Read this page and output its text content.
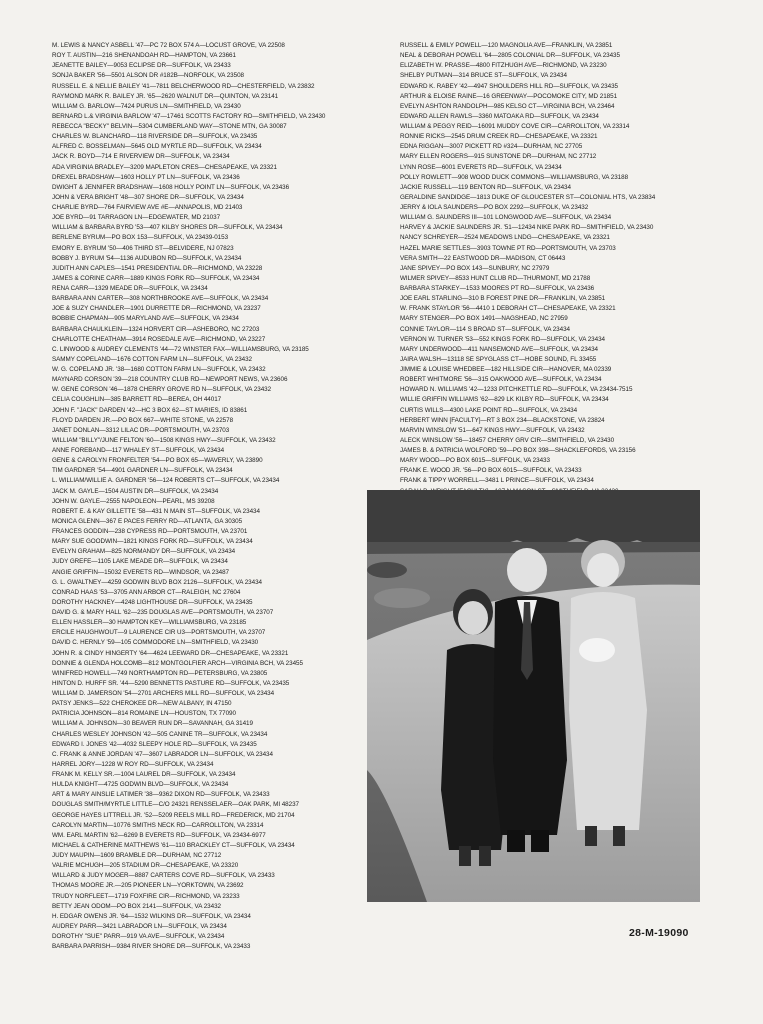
M. LEWIS & NANCY ASBELL '47—PC 72 BOX 574 A—LOCUST GROVE, VA 22508
ROY T. AUSTIN—216 SHENANDOAH RD—HAMPTON, VA 23661
JEANETTE BAILEY—9053 ECLIPSE DR—SUFFOLK, VA 23433
SONJA BAKER '56—5501 ALSON DR #182B—NORFOLK, VA 23508
RUSSELL E. & NELLIE BAILEY '41—7811 BELCHERWOOD RD—CHESTERFIELD, VA 23832
RAYMOND MARK R. BAILEY JR. '65—2620 WALNUT DR—QUINTON, VA 23141
WILLIAM G. BARLOW—7424 PURUS LN—SMITHFIELD, VA 23430
BERNARD L.& VIRGINIA BARLOW '47—17461 SCOTTS FACTORY RD—SMITHFIELD, VA 23430
REBECCA "BECKY" BELVIN—5304 CUMBERLAND WAY—STONE MTN, GA 30087
CHARLES W. BLANCHARD—118 RIVERSIDE DR—SUFFOLK, VA 23435
ALFRED C. BOSSELMAN—5645 OLD MYRTLE RD—SUFFOLK, VA 23434
JACK R. BOYD—714 E RIVERVIEW DR—SUFFOLK, VA 23434
ADA VIRGINIA BRADLEY—3209 MAPLETON CRES—CHESAPEAKE, VA 23321
DREXEL BRADSHAW—1603 HOLLY PT LN—SUFFOLK, VA 23436
DWIGHT & JENNIFER BRADSHAW—1608 HOLLY POINT LN—SUFFOLK, VA 23436
JOHN & VERA BRIGHT '48—307 SHORE DR—SUFFOLK, VA 23434
CHARLIE BYRD—764 FAIRVIEW AVE #E—ANNAPOLIS, MD 21403
JOE BYRD—91 TARRAGON LN—EDGEWATER, MD 21037
WILLIAM & BARBARA BYRD '53—407 KILBY SHORES DR—SUFFOLK, VA 23434
BERLENE BYRUM—PO BOX 153—SUFFOLK, VA 23439-0153
EMORY E. BYRUM '50—406 THIRD ST—BELVIDERE, NJ 07823
BOBBY J. BYRUM '54—1136 AUDUBON RD—SUFFOLK, VA 23434
JUDITH ANN CAPLES—1541 PRESIDENTIAL DR—RICHMOND, VA 23228
JAMES & CORINE CARR—1889 KINGS FORK RD—SUFFOLK, VA 23434
RENA CARR—1329 MEADE DR—SUFFOLK, VA 23434
BARBARA ANN CARTER—308 NORTHBROOKE AVE—SUFFOLK, VA 23434
JOE & SUZY CHANDLER—1901 DURRETTE DR—RICHMOND, VA 23237
BOBBIE CHAPMAN—905 MARYLAND AVE—SUFFOLK, VA 23434
BARBARA CHAULKLEIN—1324 HORVERT CIR—ASHEBORO, NC 27203
CHARLOTTE CHEATHAM—3914 ROSEDALE AVE—RICHMOND, VA 23227
C. LINWOOD & AUDREY CLEMENTS '44—72 WINSTER FAX—WILLIAMSBURG, VA 23185
SAMMY COPELAND—1676 COTTON FARM LN—SUFFOLK, VA 23432
W. G. COPELAND JR. '38—1680 COTTON FARM LN—SUFFOLK, VA 23432
MAYNARD CORSON '39—218 COUNTRY CLUB RD—NEWPORT NEWS, VA 23606
W. GENE CORSON '46—1878 CHERRY GROVE RD N—SUFFOLK, VA 23432
CELIA COUGHLIN—385 BARRETT RD—BEREA, OH 44017
JOHN F. "JACK" DARDEN '42—HC 3 BOX 62—ST MARIES, ID 83861
FLOYD DARDEN JR.—PO BOX 667—WHITE STONE, VA 22578
JANET DONLAN—3312 LILAC DR—PORTSMOUTH, VA 23703
WILLIAM "BILLY"/JUNE FELTON '60—1508 KINGS HWY—SUFFOLK, VA 23432
ANNE FOREBAND—117 WHALEY ST—SUFFOLK, VA 23434
GENE & CAROLYN FRONFELTER '54—PO BOX 65—WAVERLY, VA 23890
TIM GARDNER '54—4901 GARDNER LN—SUFFOLK, VA 23434
L. WILLIAM/WILLIE A. GARDNER '56—124 ROBERTS CT—SUFFOLK, VA 23434
JACK M. GAYLE—1504 AUSTIN DR—SUFFOLK, VA 23434
JOHN W. GAYLE—2555 NAPOLEON—PEARL, MS 39208
ROBERT E. & KAY GILLETTE '58—431 N MAIN ST—SUFFOLK, VA 23434
MONICA GLENN—367 E PACES FERRY RD—ATLANTA, GA 30305
FRANCES GODDIN—238 CYPRESS RD—PORTSMOUTH, VA 23701
MARY SUE GOODWIN—1821 KINGS FORK RD—SUFFOLK, VA 23434
EVELYN GRAHAM—825 NORMANDY DR—SUFFOLK, VA 23434
JUDY GREFE—1105 LAKE MEADE DR—SUFFOLK, VA 23434
ANGIE GRIFFIN—15032 EVERETS RD—WINDSOR, VA 23487
G. L. GWALTNEY—4259 GODWIN BLVD BOX 2126—SUFFOLK, VA 23434
CONRAD HAAS '53—3705 ANN ARBOR CT—RALEIGH, NC 27604
DOROTHY HACKNEY—4248 LIGHTHOUSE DR—SUFFOLK, VA 23435
DAVID G. & MARY HALL '62—235 DOUGLAS AVE—PORTSMOUTH, VA 23707
ELLEN HASSLER—30 HAMPTON KEY—WILLIAMSBURG, VA 23185
ERCILE HAUGHWOUT—9 LAURENCE CIR U3—PORTSMOUTH, VA 23707
DAVID C. HERNLY '59—105 COMMODORE LN—SMITHFIELD, VA 23430
JOHN R. & CINDY HINGERTY '64—4624 LEEWARD DR—CHESAPEAKE, VA 23321
DONNIE & GLENDA HOLCOMB—812 MONTGOLFIER ARCH—VIRGINIA BCH, VA 23455
WINIFRED HOWELL—749 NORTHAMPTON RD—PETERSBURG, VA 23805
HINTON D. HURFF SR. '44—5290 BENNETTS PASTURE RD—SUFFOLK, VA 23435
WILLIAM D. JAMERSON '54—2701 ARCHERS MILL RD—SUFFOLK, VA 23434
PATSY JENKS—522 CHEROKEE DR—NEW ALBANY, IN 47150
PATRICIA JOHNSON—814 ROMAINE LN—HOUSTON, TX 77090
WILLIAM A. JOHNSON—30 BEAVER RUN DR—SAVANNAH, GA 31419
CHARLES WESLEY JOHNSON '42—505 CANINE TR—SUFFOLK, VA 23434
EDWARD I. JONES '42—4032 SLEEPY HOLE RD—SUFFOLK, VA 23435
C. FRANK & ANNE JORDAN '47—3607 LABRADOR LN—SUFFOLK, VA 23434
HARREL JORY—1228 W ROY RD—SUFFOLK, VA 23434
FRANK M. KELLY SR.—1004 LAUREL DR—SUFFOLK, VA 23434
HULDA KNIGHT—4725 GODWIN BLVD—SUFFOLK, VA 23434
ART & MARY AINSLIE LATIMER '38—9362 DIXON RD—SUFFOLK, VA 23433
DOUGLAS SMITH/MYRTLE LITTLE—C/O 24321 RENSSELAER—OAK PARK, MI 48237
GEORGE HAYES LITTRELL JR. '52—5209 REELS MILL RD—FREDERICK, MD 21704
CAROLYN MARTIN—10776 SMITHS NECK RD—CARROLLTON, VA 23314
WM. EARL MARTIN '62—6269 B EVERETS RD—SUFFOLK, VA 23434-6977
MICHAEL & CATHERINE MATTHEWS '61—110 BRACKLEY CT—SUFFOLK, VA 23434
JUDY MAUPIN—1609 BRAMBLE DR—DURHAM, NC 27712
VALRIE MCHUGH—205 STADIUM DR—CHESAPEAKE, VA 23320
WILLARD & JUDY MOGER—8887 CARTERS COVE RD—SUFFOLK, VA 23433
THOMAS MOORE JR.—205 PIONEER LN—YORKTOWN, VA 23692
TRUDY NORFLEET—1719 FOXFIRE CIR—RICHMOND, VA 23233
BETTY JEAN ODOM—PO BOX 2141—SUFFOLK, VA 23432
H. EDGAR OWENS JR. '64—1532 WILKINS DR—SUFFOLK, VA 23434
AUDREY PARR—3421 LABRADOR LN—SUFFOLK, VA 23434
DOROTHY "SUE" PARR—919 VA AVE—SUFFOLK, VA 23434
BARBARA PARRISH—9384 RIVER SHORE DR—SUFFOLK, VA 23433
RUSSELL & EMILY POWELL—120 MAGNOLIA AVE—FRANKLIN, VA 23851
NEAL & DEBORAH POWELL '64—2805 COLONIAL DR—SUFFOLK, VA 23435
ELIZABETH W. PRASSE—4800 FITZHUGH AVE—RICHMOND, VA 23230
SHELBY PUTMAN—314 BRUCE ST—SUFFOLK, VA 23434
EDWARD K. RABEY '42—4947 SHOULDERS HILL RD—SUFFOLK, VA 23435
ARTHUR & ELOISE RAINE—16 GREENWAY—POCOMOKE CITY, MD 21851
EVELYN ASHTON RANDOLPH—985 KELSO CT—VIRGINIA BCH, VA 23464
EDWARD ALLEN RAWLS—3360 MATOAKA RD—SUFFOLK, VA 23434
WILLIAM & PEGGY REID—16091 MUDDY COVE CIR—CARROLLTON, VA 23314
RONNIE RICKS—2545 DRUM CREEK RD—CHESAPEAKE, VA 23321
EDNA RIGGAN—3007 PICKETT RD #324—DURHAM, NC 27705
MARY ELLEN ROGERS—915 SUNSTONE DR—DURHAM, NC 27712
LYNN ROSE—6001 EVERETS RD—SUFFOLK, VA 23434
POLLY ROWLETT—908 WOOD DUCK COMMONS—WILLIAMSBURG, VA 23188
JACKIE RUSSELL—119 BENTON RD—SUFFOLK, VA 23434
GERALDINE SANDIDGE—1813 DUKE OF GLOUCESTER ST—COLONIAL HTS, VA 23834
JERRY & IOLA SAUNDERS—PO BOX 2292—SUFFOLK, VA 23432
WILLIAM G. SAUNDERS III—101 LONGWOOD AVE—SUFFOLK, VA 23434
HARVEY & JACKIE SAUNDERS JR. '51—12434 NIKE PARK RD—SMITHFIELD, VA 23430
NANCY SCHREYER—2524 MEADOWS LNDG—CHESAPEAKE, VA 23321
HAZEL MARIE SETTLES—3903 TOWNE PT RD—PORTSMOUTH, VA 23703
VERA SMITH—22 EASTWOOD DR—MADISON, CT 06443
JANE SPIVEY—PO BOX 143—SUNBURY, NC 27979
WILMER SPIVEY—8533 HUNT CLUB RD—THURMONT, MD 21788
BARBARA STARKEY—1533 MOORES PT RD—SUFFOLK, VA 23436
JOE EARL STARLING—310 B FOREST PINE DR—FRANKLIN, VA 23851
W. FRANK STAYLOR '56—4410 1 DEBORAH CT—CHESAPEAKE, VA 23321
MARY STENGER—PO BOX 1491—NAGSHEAD, NC 27959
CONNIE TAYLOR—114 S BROAD ST—SUFFOLK, VA 23434
VERNON W. TURNER '53—552 KINGS FORK RD—SUFFOLK, VA 23434
MARY UNDERWOOD—411 NANSEMOND AVE—SUFFOLK, VA 23434
JAIRA WALSH—13118 SE SPYGLASS CT—HOBE SOUND, FL 33455
JIMMIE & LOUISE WHEDBEE—182 HILLSIDE CIR—HANOVER, MA 02339
ROBERT WHITMORE '56—315 OAKWOOD AVE—SUFFOLK, VA 23434
HOWARD N. WILLIAMS '42—1233 PITCHKETTLE RD—SUFFOLK, VA 23434-7515
WILLIE GRIFFIN WILLIAMS '62—829 LK KILBY RD—SUFFOLK, VA 23434
CURTIS WILLS—4300 LAKE POINT RD—SUFFOLK, VA 23434
HERBERT WINN [FACULTY]—RT 3 BOX 234—BLACKSTONE, VA 23824
MARVIN WINSLOW '51—647 KINGS HWY—SUFFOLK, VA 23432
ALECK WINSLOW '56—18457 CHERRY GRV CIR—SMITHFIELD, VA 23430
JAMES B. & PATRICIA WOLFORD '59—PO BOX 398—SHACKLEFORDS, VA 23156
MARY WOOD—PO BOX 6015—SUFFOLK, VA 23433
FRANK E. WOOD JR. '56—PO BOX 6015—SUFFOLK, VA 23433
FRANK & TIPPY WORRELL—3481 L PRINCE—SUFFOLK, VA 23434
28-M-19090
